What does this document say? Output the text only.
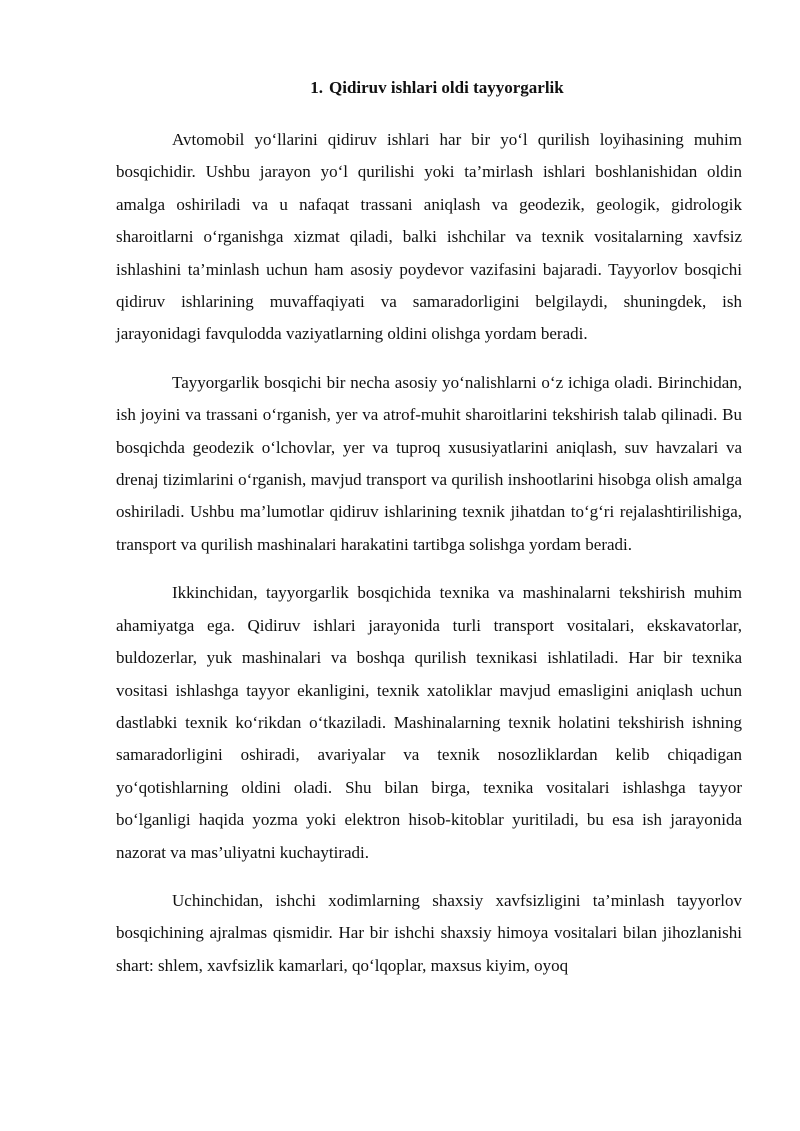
1. Qidiruv ishlari oldi tayyorgarlik

Avtomobil yo‘llarini qidiruv ishlari har bir yo‘l qurilish loyihasining muhim bosqichidir. Ushbu jarayon yo‘l qurilishi yoki ta’mirlash ishlari boshlanishidan oldin amalga oshiriladi va u nafaqat trassani aniqlash va geodezik, geologik, gidrologik sharoitlarni o‘rganishga xizmat qiladi, balki ishchilar va texnik vositalarning xavfsiz ishlashini ta’minlash uchun ham asosiy poydevor vazifasini bajaradi. Tayyorlov bosqichi qidiruv ishlarining muvaffaqiyati va samaradorligini belgilaydi, shuningdek, ish jarayonidagi favqulodda vaziyatlarning oldini olishga yordam beradi.

Tayyorgarlik bosqichi bir necha asosiy yo‘nalishlarni o‘z ichiga oladi. Birinchidan, ish joyini va trassani o‘rganish, yer va atrof-muhit sharoitlarini tekshirish talab qilinadi. Bu bosqichda geodezik o‘lchovlar, yer va tuproq xususiyatlarini aniqlash, suv havzalari va drenaj tizimlarini o‘rganish, mavjud transport va qurilish inshootlarini hisobga olish amalga oshiriladi. Ushbu ma’lumotlar qidiruv ishlarining texnik jihatdan to‘g‘ri rejalashtirilishiga, transport va qurilish mashinalari harakatini tartibga solishga yordam beradi.

Ikkinchidan, tayyorgarlik bosqichida texnika va mashinalarni tekshirish muhim ahamiyatga ega. Qidiruv ishlari jarayonida turli transport vositalari, ekskavatorlar, buldozerlar, yuk mashinalari va boshqa qurilish texnikasi ishlatiladi. Har bir texnika vositasi ishlashga tayyor ekanligini, texnik xatoliklar mavjud emasligini aniqlash uchun dastlabki texnik ko‘rikdan o‘tkaziladi. Mashinalarning texnik holatini tekshirish ishning samaradorligini oshiradi, avariyalar va texnik nosozliklardan kelib chiqadigan yo‘qotishlarning oldini oladi. Shu bilan birga, texnika vositalari ishlashga tayyor bo‘lganligi haqida yozma yoki elektron hisob-kitoblar yuritiladi, bu esa ish jarayonida nazorat va mas’uliyatni kuchaytiradi.

Uchinchidan, ishchi xodimlarning shaxsiy xavfsizligini ta’minlash tayyorlov bosqichining ajralmas qismidir. Har bir ishchi shaxsiy himoya vositalari bilan jihozlanishi shart: shlem, xavfsizlik kamarlari, qo‘lqoplar, maxsus kiyim, oyoq
